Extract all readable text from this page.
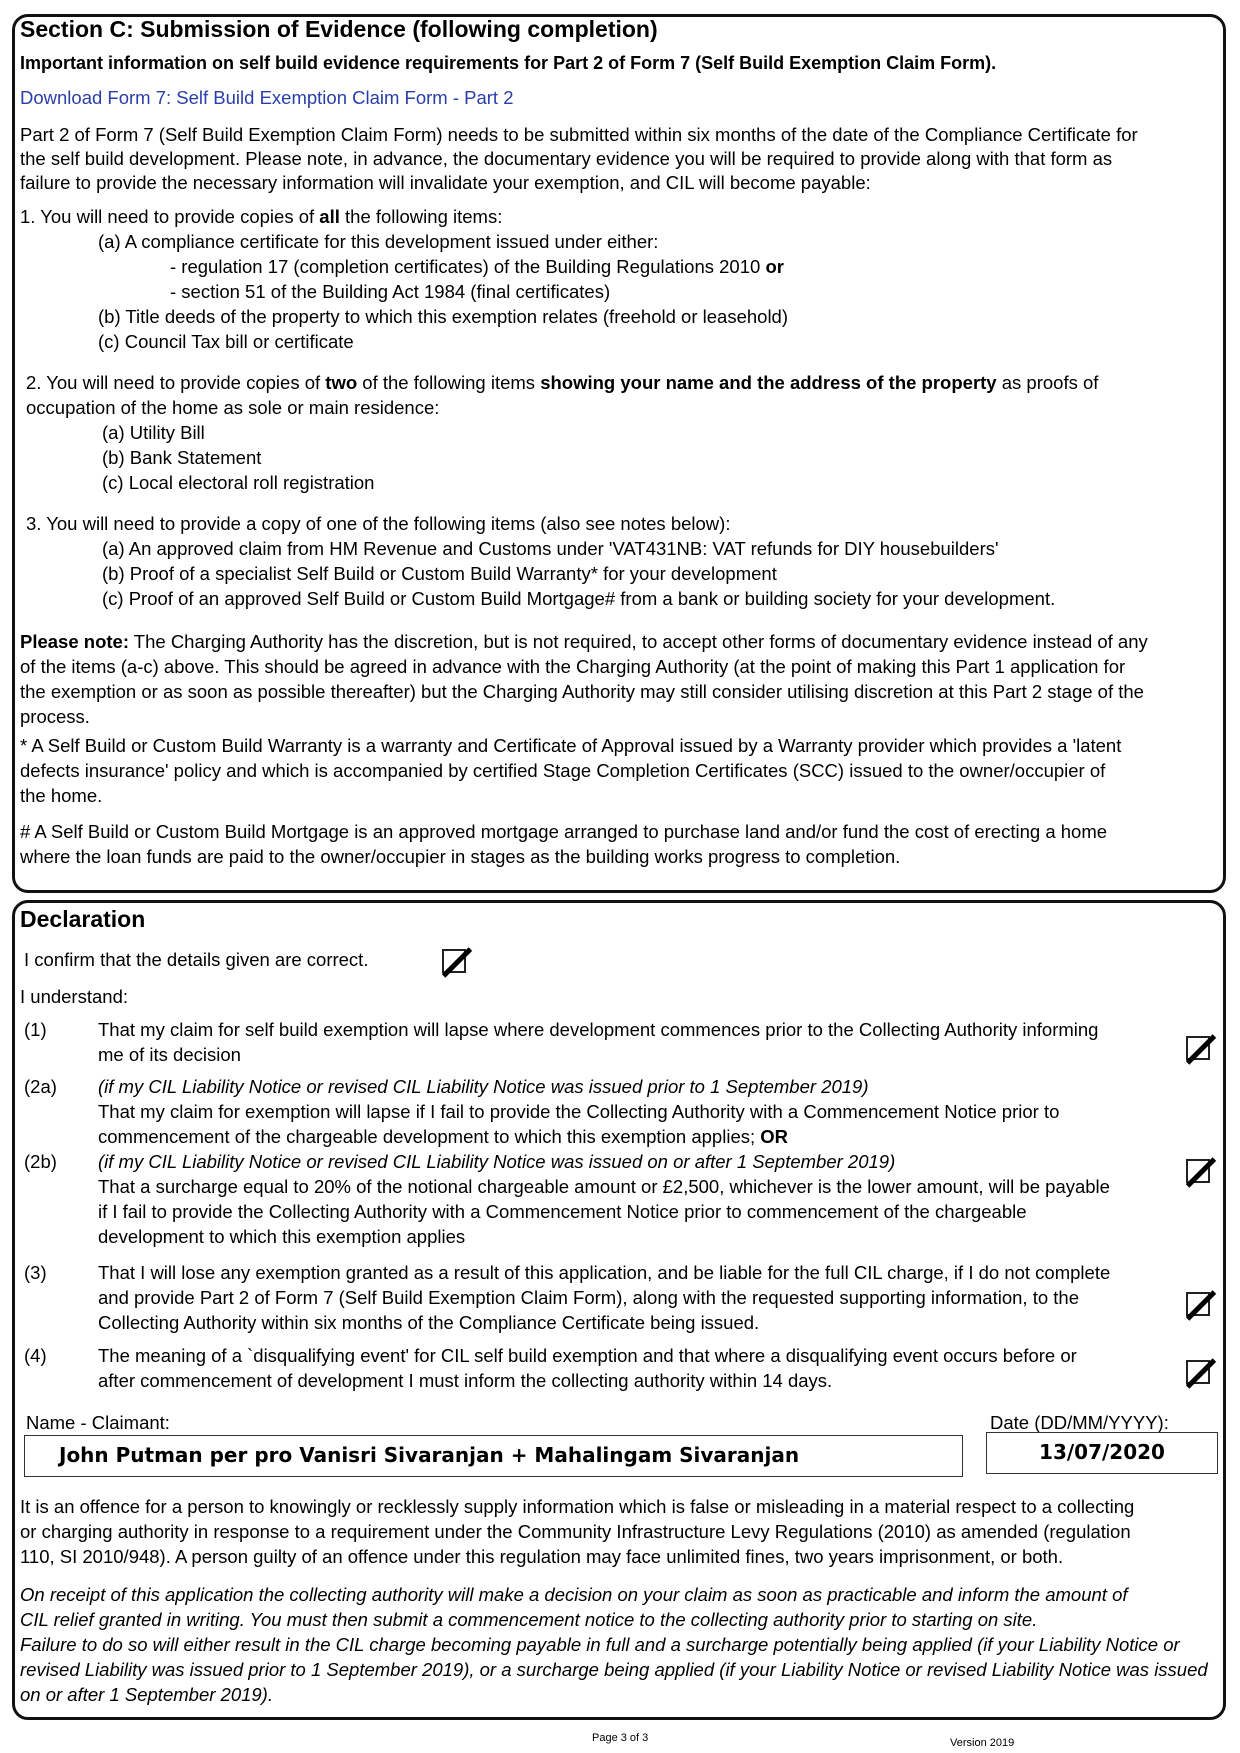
Section C: Submission of Evidence (following completion)
Important information on self build evidence requirements for Part 2 of Form 7 (Self Build Exemption Claim Form).
Download Form 7: Self Build Exemption Claim Form - Part 2
Part 2 of Form 7 (Self Build Exemption Claim Form) needs to be submitted within six months of the date of the Compliance Certificate for
the self build development. Please note, in advance, the documentary evidence you will be required to provide along with that form as
failure to provide the necessary information will invalidate your exemption, and CIL will become payable:
1. You will need to provide copies of all the following items:
(a) A compliance certificate for this development issued under either:
- regulation 17 (completion certificates) of the Building Regulations 2010 or
- section 51 of the Building Act 1984 (final certificates)
(b) Title deeds of the property to which this exemption relates (freehold or leasehold)
(c) Council Tax bill or certificate
2. You will need to provide copies of two of the following items showing your name and the address of the property as proofs of
occupation of the home as sole or main residence:
(a) Utility Bill
(b) Bank Statement
(c) Local electoral roll registration
3. You will need to provide a copy of one of the following items (also see notes below):
(a) An approved claim from HM Revenue and Customs under 'VAT431NB: VAT refunds for DIY housebuilders'
(b) Proof of a specialist Self Build or Custom Build Warranty* for your development
(c) Proof of an approved Self Build or Custom Build Mortgage# from a bank or building society for your development.
Please note: The Charging Authority has the discretion, but is not required, to accept other forms of documentary evidence instead of any
of the items (a-c) above. This should be agreed in advance with the Charging Authority (at the point of making this Part 1 application for
the exemption or as soon as possible thereafter) but the Charging Authority may still consider utilising discretion at this Part 2 stage of the
process.
* A Self Build or Custom Build Warranty is a warranty and Certificate of Approval issued by a Warranty provider which provides a 'latent
defects insurance' policy and which is accompanied by certified Stage Completion Certificates (SCC) issued to the owner/occupier of
the home.
# A Self Build or Custom Build Mortgage is an approved mortgage arranged to purchase land and/or fund the cost of erecting a home
where the loan funds are paid to the owner/occupier in stages as the building works progress to completion.
Declaration
I confirm that the details given are correct.
I understand:
(1)	That my claim for self build exemption will lapse where development commences prior to the Collecting Authority informing
me of its decision
(2a) (if my CIL Liability Notice or revised CIL Liability Notice was issued prior to 1 September 2019)
That my claim for exemption will lapse if I fail to provide the Collecting Authority with a Commencement Notice prior to
commencement of the chargeable development to which this exemption applies; OR
(2b) (if my CIL Liability Notice or revised CIL Liability Notice was issued on or after 1 September 2019)
That a surcharge equal to 20% of the notional chargeable amount or £2,500, whichever is the lower amount, will be payable
if I fail to provide the Collecting Authority with a Commencement Notice prior to commencement of the chargeable
development to which this exemption applies
(3)	That I will lose any exemption granted as a result of this application, and be liable for the full CIL charge, if I do not complete
and provide Part 2 of Form 7 (Self Build Exemption Claim Form), along with the requested supporting information, to the
Collecting Authority within six months of the Compliance Certificate being issued.
(4)	The meaning of a `disqualifying event' for CIL self build exemption and that where a disqualifying event occurs before or
after commencement of development I must inform the collecting authority within 14 days.
Name - Claimant:
John Putman per pro Vanisri Sivaranjan + Mahalingam Sivaranjan
Date (DD/MM/YYYY):
13/07/2020
It is an offence for a person to knowingly or recklessly supply information which is false or misleading in a material respect to a collecting
or charging authority in response to a requirement under the Community Infrastructure Levy Regulations (2010) as amended (regulation
110, SI 2010/948). A person guilty of an offence under this regulation may face unlimited fines, two years imprisonment, or both.
On receipt of this application the collecting authority will make a decision on your claim as soon as practicable and inform the amount of
CIL relief granted in writing. You must then submit a commencement notice to the collecting authority prior to starting on site.
Failure to do so will either result in the CIL charge becoming payable in full and a surcharge potentially being applied (if your Liability Notice or
revised Liability was issued prior to 1 September 2019), or a surcharge being applied (if your Liability Notice or revised Liability Notice was issued
on or after 1 September 2019).
Page 3 of 3	Version 2019
